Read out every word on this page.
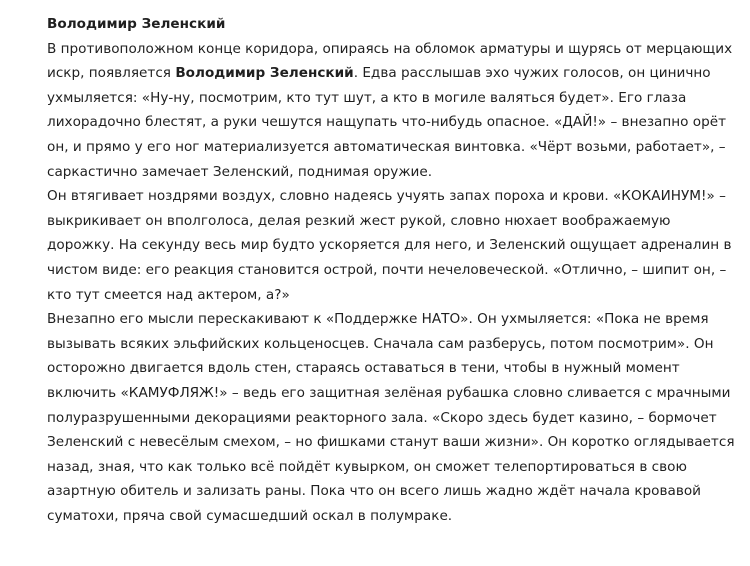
Володимир Зеленский

В противоположном конце коридора, опираясь на обломок арматуры и щурясь от мерцающих искр, появляется Володимир Зеленский. Едва расслышав эхо чужих голосов, он цинично ухмыляется: «Ну-ну, посмотрим, кто тут шут, а кто в могиле валяться будет». Его глаза лихорадочно блестят, а руки чешутся нащупать что-нибудь опасное. «ДАЙ!» – внезапно орёт он, и прямо у его ног материализуется автоматическая винтовка. «Чёрт возьми, работает», – саркастично замечает Зеленский, поднимая оружие.

Он втягивает ноздрями воздух, словно надеясь учуять запах пороха и крови. «КОКАИНУМ!» – выкрикивает он вполголоса, делая резкий жест рукой, словно нюхает воображаемую дорожку. На секунду весь мир будто ускоряется для него, и Зеленский ощущает адреналин в чистом виде: его реакция становится острой, почти нечеловеческой. «Отлично, – шипит он, – кто тут смеется над актером, а?»

Внезапно его мысли перескакивают к «Поддержке НАТО». Он ухмыляется: «Пока не время вызывать всяких эльфийских кольценосцев. Сначала сам разберусь, потом посмотрим». Он осторожно двигается вдоль стен, стараясь оставаться в тени, чтобы в нужный момент включить «КАМУФЛЯЖ!» – ведь его защитная зелёная рубашка словно сливается с мрачными полуразрушенными декорациями реакторного зала. «Скоро здесь будет казино, – бормочет Зеленский с невесёлым смехом, – но фишками станут ваши жизни». Он коротко оглядывается назад, зная, что как только всё пойдёт кувырком, он сможет телепортироваться в свою азартную обитель и зализать раны. Пока что он всего лишь жадно ждёт начала кровавой суматохи, пряча свой сумасшедший оскал в полумраке.
